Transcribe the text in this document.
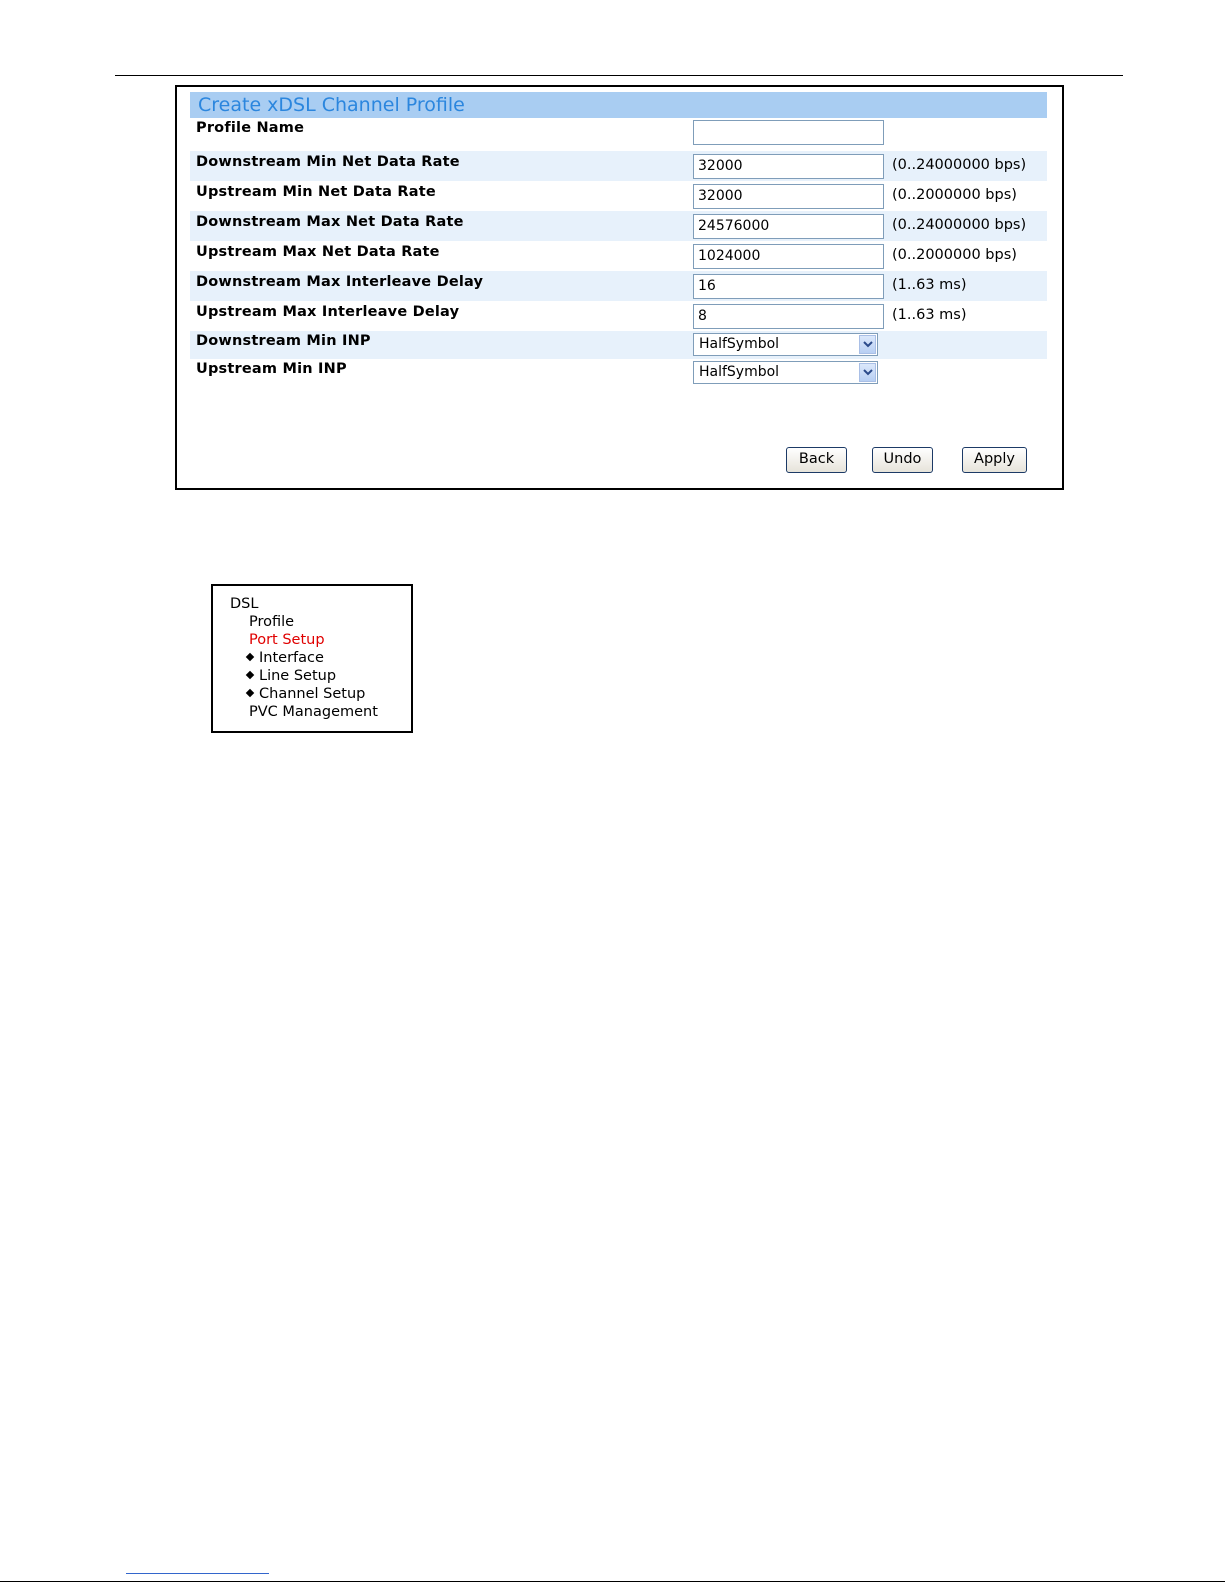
Create xDSL Channel Profile
Profile Name
Downstream Min Net Data Rate	32000	(0..24000000 bps)
Upstream Min Net Data Rate	32000	(0..2000000 bps)
Downstream Max Net Data Rate	24576000	(0..24000000 bps)
Upstream Max Net Data Rate	1024000	(0..2000000 bps)
Downstream Max Interleave Delay	16	(1..63 ms)
Upstream Max Interleave Delay	8	(1..63 ms)
Downstream Min INP	HalfSymbol
Upstream Min INP	HalfSymbol
Back	Undo	Apply
DSL
Profile
Port Setup
Interface
Line Setup
Channel Setup
PVC Management
